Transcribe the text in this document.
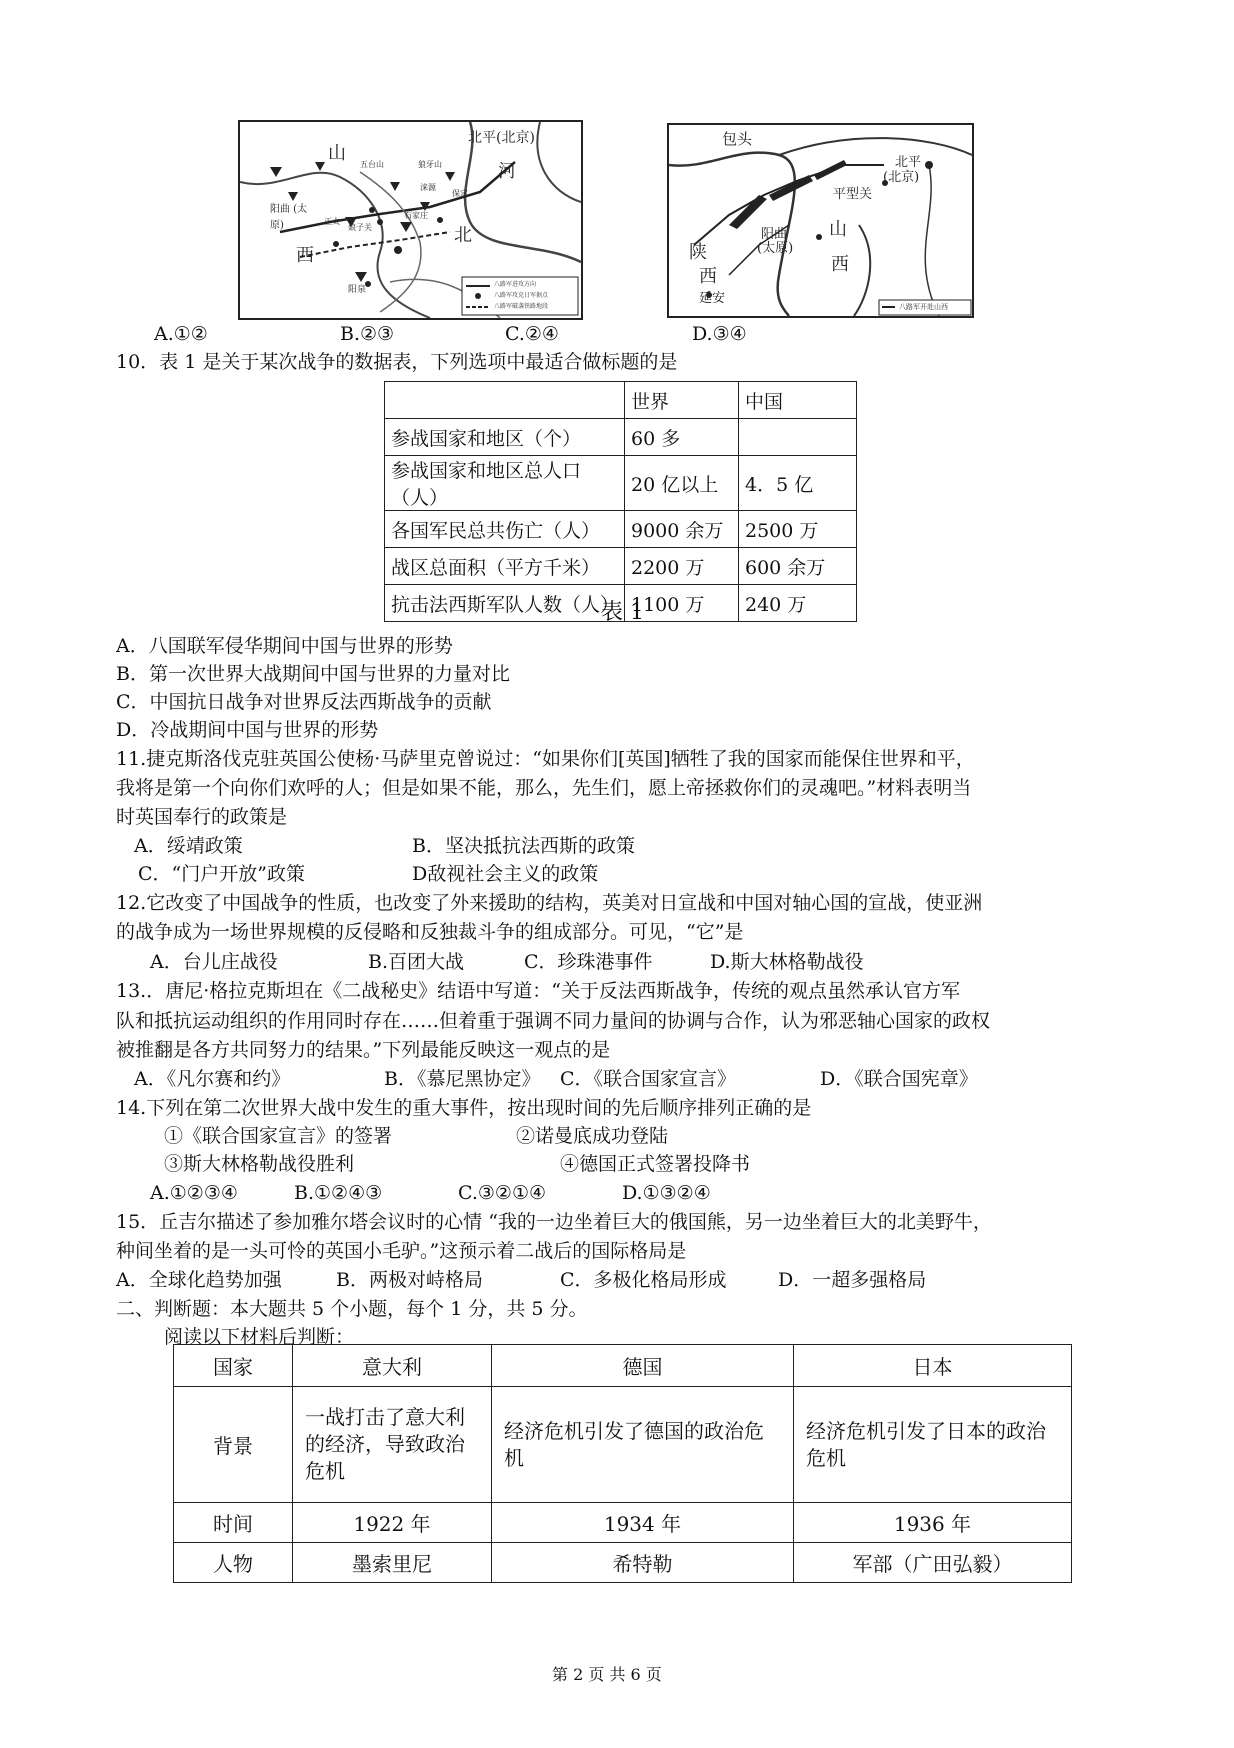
北平(北京)
山
河
北
西
五台山	狼牙山
阳曲 (太原)
石家庄
娘子关
阳泉
保定
涞源
正太
八路军进攻方向
八路军攻克日军据点
八路军破袭铁路地段
包头
北平
(北京)
平型关
山
阳曲
(太原)
陕
西
西
延安
八路军开赴山西
A.①②	B.②③	C.②④	D.③④
10．表 1 是关于某次战争的数据表，下列选项中最适合做标题的是
	世界	中国
参战国家和地区（个）	60 多	
参战国家和地区总人口（人）	20 亿以上	4．5 亿
各国军民总共伤亡（人）	9000 余万	2500 万
战区总面积（平方千米）	2200 万	600 余万
抗击法西斯军队人数（人）	1100 万	240 万
表 1
A．八国联军侵华期间中国与世界的形势
B．第一次世界大战期间中国与世界的力量对比
C．中国抗日战争对世界反法西斯战争的贡献
D．冷战期间中国与世界的形势
11.捷克斯洛伐克驻英国公使杨·马萨里克曾说过：“如果你们[英国]牺牲了我的国家而能保住世界和平，
我将是第一个向你们欢呼的人；但是如果不能，那么，先生们，愿上帝拯救你们的灵魂吧。”材料表明当
时英国奉行的政策是
A．绥靖政策	B．坚决抵抗法西斯的政策
C．“门户开放”政策	D敌视社会主义的政策
12.它改变了中国战争的性质，也改变了外来援助的结构，英美对日宣战和中国对轴心国的宣战，使亚洲
的战争成为一场世界规模的反侵略和反独裁斗争的组成部分。可见，“它”是
A．台儿庄战役	B.百团大战	C．珍珠港事件	D.斯大林格勒战役
13.．唐尼·格拉克斯坦在《二战秘史》结语中写道：“关于反法西斯战争，传统的观点虽然承认官方军
队和抵抗运动组织的作用同时存在……但着重于强调不同力量间的协调与合作，认为邪恶轴心国家的政权
被推翻是各方共同努力的结果。”下列最能反映这一观点的是
A．《凡尔赛和约》	B．《慕尼黑协定》 C．《联合国家宣言》	D．《联合国宪章》
14.下列在第二次世界大战中发生的重大事件，按出现时间的先后顺序排列正确的是
①《联合国家宣言》的签署	②诺曼底成功登陆
③斯大林格勒战役胜利	④德国正式签署投降书
A.①②③④	B.①②④③	C.③②①④	D.①③②④
15．丘吉尔描述了参加雅尔塔会议时的心情 “我的一边坐着巨大的俄国熊，另一边坐着巨大的北美野牛，
种间坐着的是一头可怜的英国小毛驴。”这预示着二战后的国际格局是
A．全球化趋势加强	B．两极对峙格局	C．多极化格局形成	D．一超多强格局
二、判断题：本大题共 5 个小题，每个 1 分，共 5 分。
阅读以下材料后判断：
国家	意大利	德国	日本
背景	一战打击了意大利的经济，导致政治危机	经济危机引发了德国的政治危机	经济危机引发了日本的政治危机
时间	1922 年	1934 年	1936 年
人物	墨索里尼	希特勒	军部（广田弘毅）
第 2 页 共 6 页
